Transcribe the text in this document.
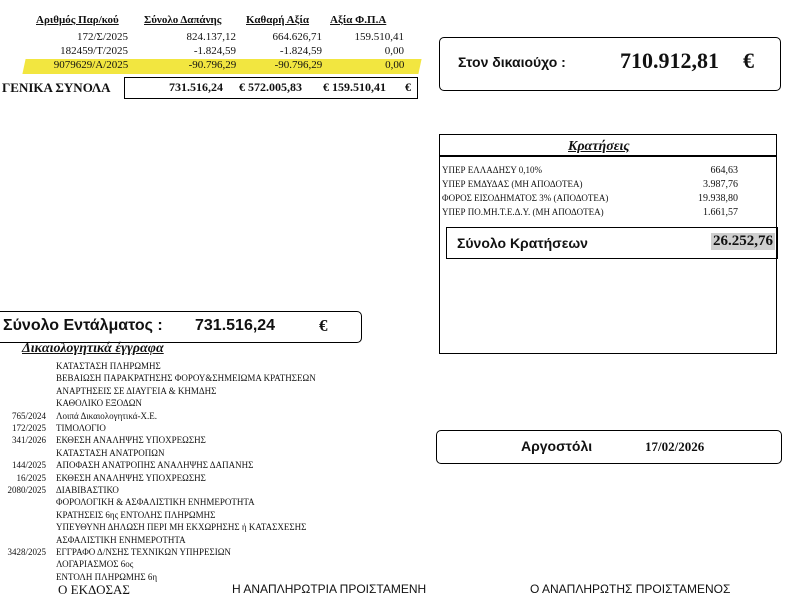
Αριθμός Παρ/κού Σύνολο Δαπάνης Καθαρή Αξία Αξία Φ.Π.Α
172/Σ/2025	824.137,12	664.626,71	159.510,41
182459/Τ/2025	-1.824,59	-1.824,59	0,00
9079629/Α/2025	-90.796,29	-90.796,29	0,00
ΓΕΝΙΚΑ ΣΥΝΟΛΑ	731.516,24 € 572.005,83 € 159.510,41 €
Στον δικαιούχο : 710.912,81 €
Κρατήσεις
ΥΠΕΡ ΕΛΛΑΔΗΣΥ 0,10%	664,63
ΥΠΕΡ ΕΜΔΥΔΑΣ (ΜΗ ΑΠΟΔΟΤΕΑ)	3.987,76
ΦΟΡΟΣ ΕΙΣΟΔΗΜΑΤΟΣ 3% (ΑΠΟΔΟΤΕΑ)	19.938,80
ΥΠΕΡ ΠΟ.ΜΗ.Τ.Ε.Δ.Υ. (ΜΗ ΑΠΟΔΟΤΕΑ)	1.661,57
Σύνολο Κρατήσεων	26.252,76
Σύνολο Εντάλματος : 731.516,24	€
Δικαιολογητικά έγγραφα
ΚΑΤΑΣΤΑΣΗ ΠΛΗΡΩΜΗΣ
ΒΕΒΑΙΩΣΗ ΠΑΡΑΚΡΑΤΗΣΗΣ ΦΟΡΟΥ&ΣΗΜΕΙΩΜΑ ΚΡΑΤΗΣΕΩΝ
ΑΝΑΡΤΗΣΕΙΣ ΣΕ ΔΙΑΥΓΕΙΑ & ΚΗΜΔΗΣ
ΚΑΘΟΛΙΚΟ ΕΞΟΔΩΝ
765/2024 Λοιπά Δικαιολογητικά-Χ.Ε.
172/2025 ΤΙΜΟΛΟΓΙΟ
341/2026 ΕΚΘΕΣΗ ΑΝΑΛΗΨΗΣ ΥΠΟΧΡΕΩΣΗΣ
ΚΑΤΑΣΤΑΣΗ ΑΝΑΤΡΟΠΩΝ
144/2025 ΑΠΟΦΑΣΗ ΑΝΑΤΡΟΠΗΣ ΑΝΑΛΗΨΗΣ ΔΑΠΑΝΗΣ
16/2025 ΕΚΘΕΣΗ ΑΝΑΛΗΨΗΣ ΥΠΟΧΡΕΩΣΗΣ
2080/2025 ΔΙΑΒΙΒΑΣΤΙΚΟ
ΦΟΡΟΛΟΓΙΚΗ & ΑΣΦΑΛΙΣΤΙΚΗ ΕΝΗΜΕΡΟΤΗΤΑ
ΚΡΑΤΗΣΕΙΣ 6ης ΕΝΤΟΛΗΣ ΠΛΗΡΩΜΗΣ
ΥΠΕΥΘΥΝΗ ΔΗΛΩΣΗ ΠΕΡΙ ΜΗ ΕΚΧΩΡΗΣΗΣ ή ΚΑΤΑΣΧΕΣΗΣ
ΑΣΦΑΛΙΣΤΙΚΗ ΕΝΗΜΕΡΟΤΗΤΑ
3428/2025 ΕΓΓΡΑΦΟ Δ/ΝΣΗΣ ΤΕΧΝΙΚΩΝ ΥΠΗΡΕΣΙΩΝ
ΛΟΓΑΡΙΑΣΜΟΣ 6ος
ΕΝΤΟΛΗ ΠΛΗΡΩΜΗΣ 6η
Αργοστόλι	17/02/2026
Ο ΕΚΔΟΣΑΣ	Η ΑΝΑΠΛΗΡΩΤΡΙΑ ΠΡΟΙΣΤΑΜΕΝΗ	Ο ΑΝΑΠΛΗΡΩΤΗΣ ΠΡΟΙΣΤΑΜΕΝΟΣ
